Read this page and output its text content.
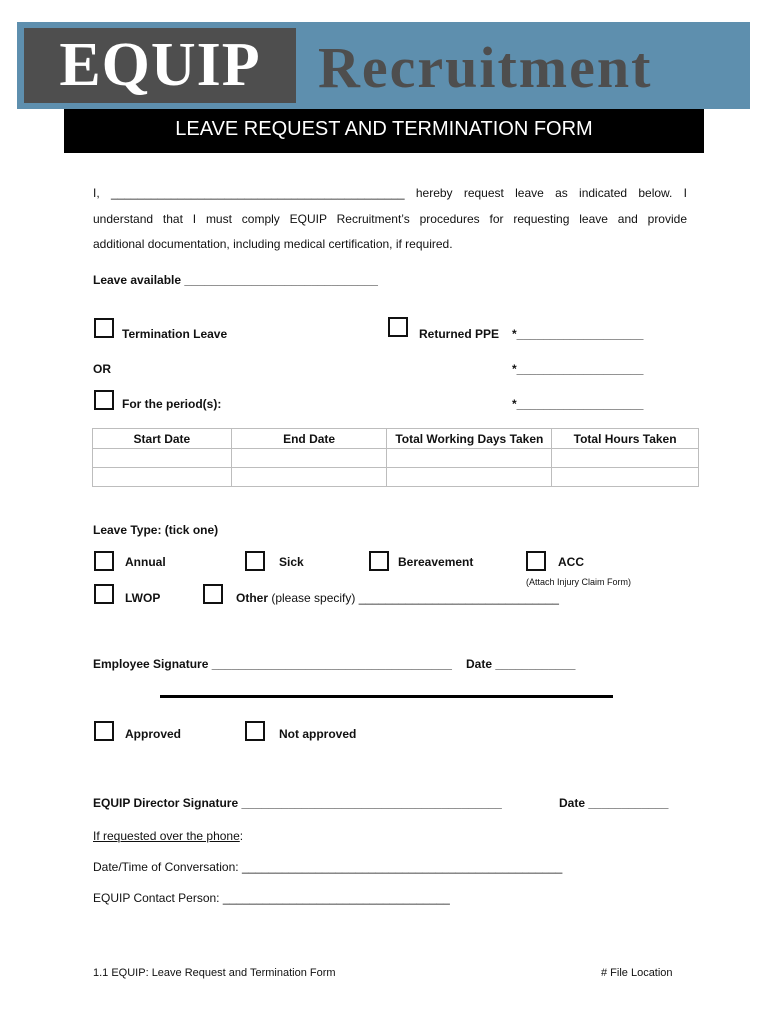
EQUIP Recruitment
LEAVE REQUEST AND TERMINATION FORM
I, ____________________________________________ hereby request leave as indicated below. I
understand that I must comply EQUIP Recruitment’s procedures for requesting leave and provide
additional documentation, including medical certification, if required.
Leave available _____________________________
Termination Leave	Returned PPE *___________________
OR	*___________________
For the period(s):	*___________________
Start Date	End Date	Total Working Days Taken	Total Hours Taken

Leave Type: (tick one)
Annual	Sick	Bereavement	ACC
(Attach Injury Claim Form)
LWOP	Other (please specify) ______________________________
Employee Signature ____________________________________ Date ____________
Approved	Not approved
EQUIP Director Signature _______________________________________	Date ____________
If requested over the phone:
Date/Time of Conversation: ________________________________________________
EQUIP Contact Person: __________________________________
1.1 EQUIP: Leave Request and Termination Form	# File Location
